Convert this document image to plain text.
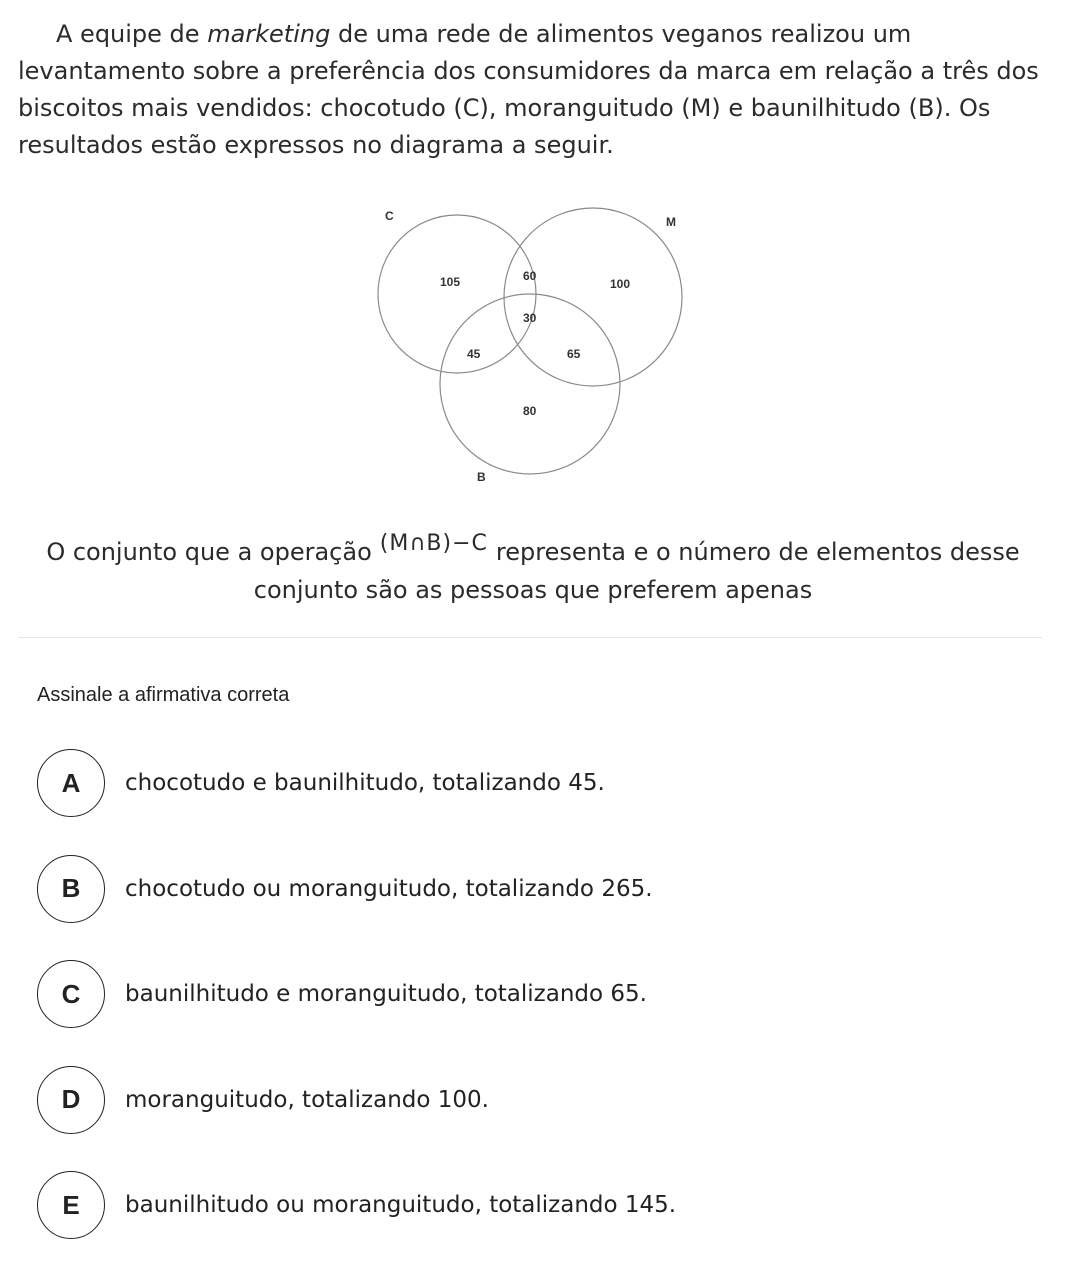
A equipe de marketing de uma rede de alimentos veganos realizou um levantamento sobre a preferência dos consumidores da marca em relação a três dos biscoitos mais vendidos: chocotudo (C), moranguitudo (M) e baunilhitudo (B). Os resultados estão expressos no diagrama a seguir.

C	M
B
105	60
100
30
45	65
80

O conjunto que a operação (M∩B)−C representa e o número de elementos desse conjunto são as pessoas que preferem apenas

Assinale a afirmativa correta
A	chocotudo e baunilhitudo, totalizando 45.
B	chocotudo ou moranguitudo, totalizando 265.
C	baunilhitudo e moranguitudo, totalizando 65.
D	moranguitudo, totalizando 100.
E	baunilhitudo ou moranguitudo, totalizando 145.
